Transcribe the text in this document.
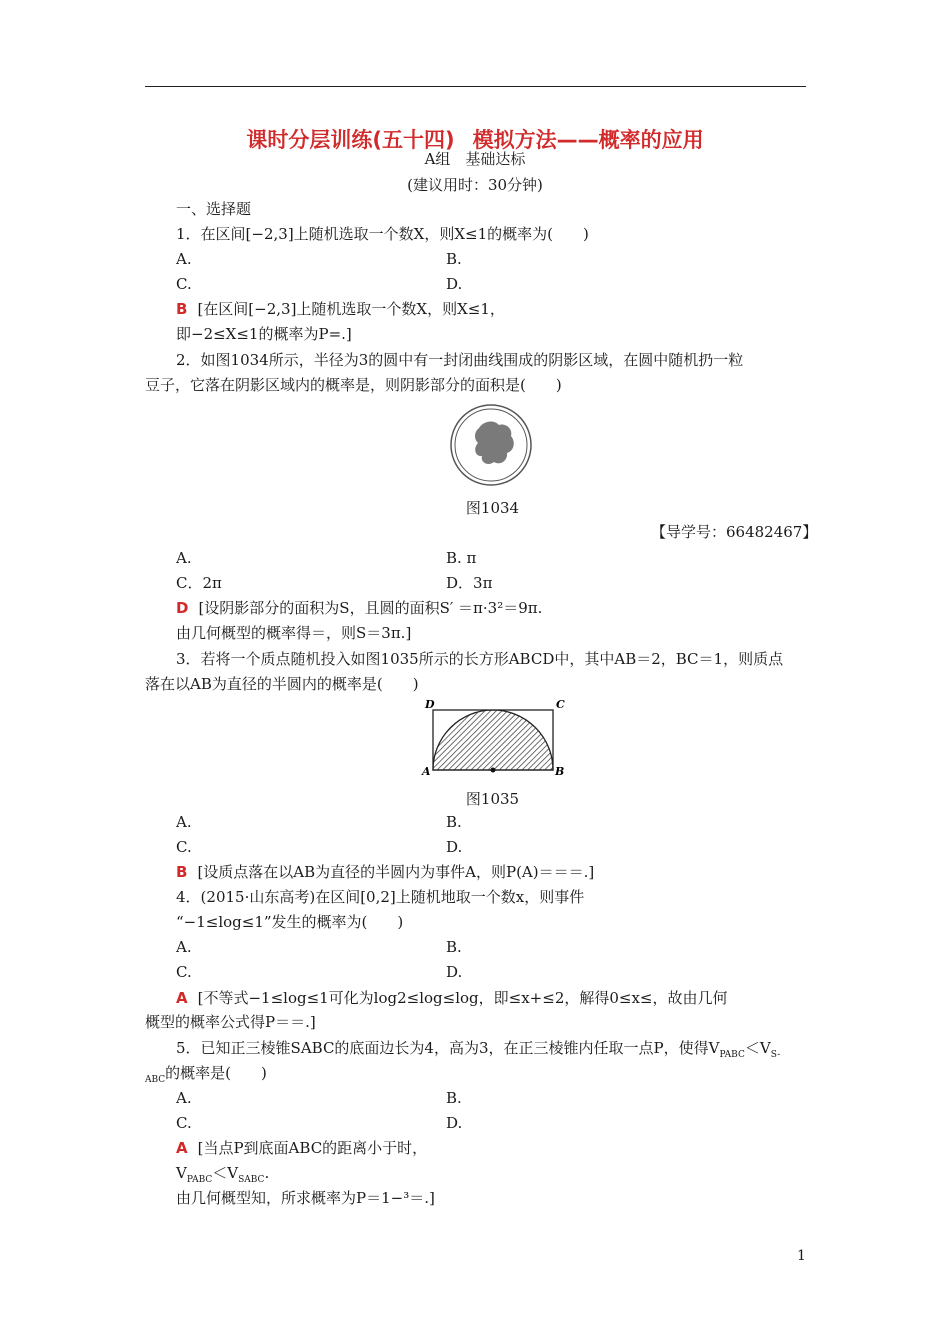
课时分层训练(五十四) 模拟方法——概率的应用
A组　基础达标
(建议用时：30分钟)
一、选择题
1．在区间[−2,3]上随机选取一个数X，则X≤1的概率为(　　)
A.	B.
C.	D.
B [在区间[−2,3]上随机选取一个数X，则X≤1，
即−2≤X≤1的概率为P=.]
2．如图1034所示，半径为3的圆中有一封闭曲线围成的阴影区域，在圆中随机扔一粒
豆子，它落在阴影区域内的概率是，则阴影部分的面积是(　　)
图1034
【导学号：66482467】
A.	B. π
C．2π	D．3π
D [设阴影部分的面积为S，且圆的面积S′ ＝π·3²＝9π.
由几何概型的概率得＝，则S＝3π.]
3．若将一个质点随机投入如图1035所示的长方形ABCD中，其中AB＝2，BC＝1，则质点
落在以AB为直径的半圆内的概率是(　　)
D	C
A	B
图1035
A.	B.
C.	D.
B [设质点落在以AB为直径的半圆内为事件A，则P(A)＝＝＝.]
4．(2015·山东高考)在区间[0,2]上随机地取一个数x，则事件
“−1≤log≤1”发生的概率为(　　)
A.	B.
C.	D.
A [不等式−1≤log≤1可化为log2≤log≤log，即≤x+≤2，解得0≤x≤，故由几何
概型的概率公式得P＝＝.]
5．已知正三棱锥SABC的底面边长为4，高为3，在正三棱锥内任取一点P，使得$V_{PABC}<V_{S-}$
$_{ABC}$的概率是(　　)
A.	B.
C.	D.
A [当点P到底面ABC的距离小于时，
$V_{PABC}<V_{SABC}$.
由几何概型知，所求概率为P＝1−³＝.]
1
